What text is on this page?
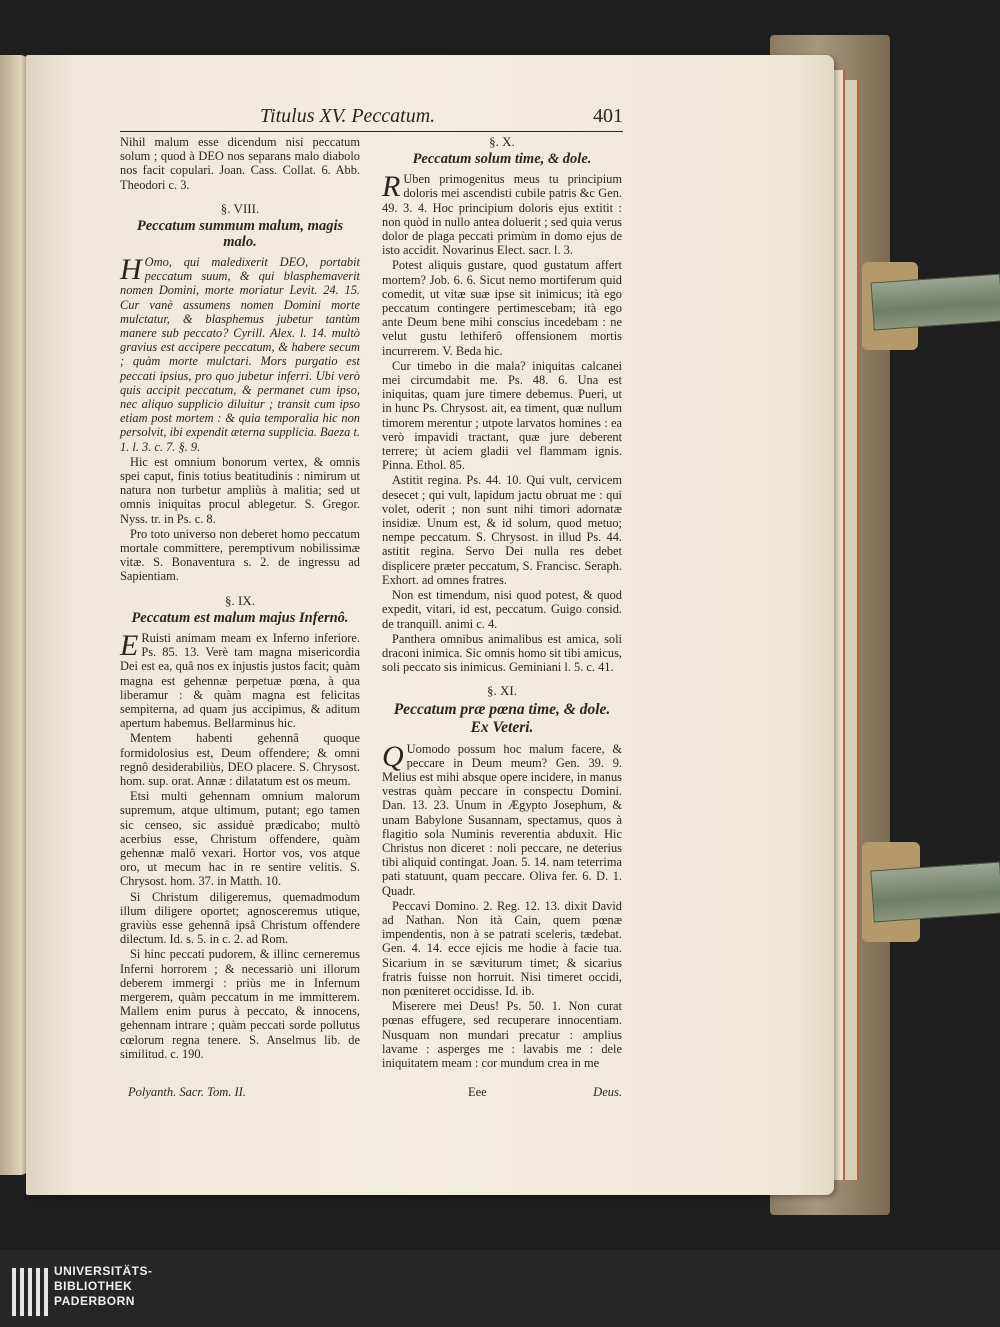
Titulus XV. Peccatum.	401

Nihil malum esse dicendum nisi peccatum solum ; quod à DEO nos separans malo diabolo nos facit copulari. Joan. Cass. Collat. 6. Abb. Theodori c. 3.

§. VIII.
Peccatum summum malum, magis malo.

H Omo, qui maledixerit DEO, portabit peccatum suum, & qui blasphemaverit nomen Domini, morte moriatur Levit. 24. 15. Cur vanè assumens nomen Domini morte mulctatur, & blasphemus jubetur tantùm manere sub peccato? Cyrill. Alex. l. 14. multò gravius est accipere peccatum, & habere secum ; quàm morte mulctari. Mors purgatio est peccati ipsius, pro quo jubetur inferri. Ubi verò quis accipit peccatum, & permanet cum ipso, nec aliquo supplicio diluitur ; transit cum ipso etiam post mortem : & quia temporalia hic non persolvit, ibi expendit æterna supplicia. Baeza t. 1. l. 3. c. 7. §. 9.

Hic est omnium bonorum vertex, & omnis spei caput, finis totius beatitudinis : nimirum ut natura non turbetur ampliùs à malitia; sed ut omnis iniquitas procul ablegetur. S. Gregor. Nyss. tr. in Ps. c. 8.

Pro toto universo non deberet homo peccatum mortale committere, peremptivum nobilissimæ vitæ. S. Bonaventura s. 2. de ingressu ad Sapientiam.

§. IX.
Peccatum est malum majus Infernô.

E Ruisti animam meam ex Inferno inferiore. Ps. 85. 13. Verè tam magna misericordia Dei est ea, quâ nos ex injustis justos facit; quàm magna est gehennæ perpetuæ pœna, à qua liberamur : & quàm magna est felicitas sempiterna, ad quam jus accipimus, & aditum apertum habemus. Bellarminus hic.

Mentem habenti gehennâ quoque formidolosius est, Deum offendere; & omni regnô desiderabiliùs, DEO placere. S. Chrysost. hom. sup. orat. Annæ : dilatatum est os meum.

Etsi multi gehennam omnium malorum supremum, atque ultimum, putant; ego tamen sic censeo, sic assiduè prædicabo; multò acerbius esse, Christum offendere, quàm gehennæ malô vexari. Hortor vos, vos atque oro, ut mecum hac in re sentire velitis. S. Chrysost. hom. 37. in Matth. 10.

Si Christum diligeremus, quemadmodum illum diligere oportet; agnosceremus utique, graviùs esse gehennâ ipsâ Christum offendere dilectum. Id. s. 5. in c. 2. ad Rom.

Si hinc peccati pudorem, & illinc cerneremus Inferni horrorem ; & necessariò uni illorum deberem immergi : priùs me in Infernum mergerem, quàm peccatum in me immitterem. Mallem enim purus à peccato, & innocens, gehennam intrare ; quàm peccati sorde pollutus cœlorum regna tenere. S. Anselmus lib. de similitud. c. 190.

§. X.
Peccatum solum time, & dole.

R Uben primogenitus meus tu principium doloris mei ascendisti cubile patris &c Gen. 49. 3. 4. Hoc principium doloris ejus extitit : non quòd in nullo antea doluerit ; sed quia verus dolor de plaga peccati primùm in domo ejus de isto accidit. Novarinus Elect. sacr. l. 3.

Potest aliquis gustare, quod gustatum affert mortem? Job. 6. 6. Sicut nemo mortiferum quid comedit, ut vitæ suæ ipse sit inimicus; ità ego peccatum contingere pertimescebam; ità ego ante Deum bene mihi conscius incedebam : ne velut gustu lethiferô offensionem mortis incurrerem. V. Beda hic.

Cur timebo in die mala? iniquitas calcanei mei circumdabit me. Ps. 48. 6. Una est iniquitas, quam jure timere debemus. Pueri, ut in hunc Ps. Chrysost. ait, ea timent, quæ nullum timorem merentur ; utpote larvatos homines : ea verò impavidi tractant, quæ jure deberent terrere; ùt aciem gladii vel flammam ignis. Pinna. Ethol. 85.

Astitit regina. Ps. 44. 10. Qui vult, cervicem desecet ; qui vult, lapidum jactu obruat me : qui volet, oderit ; non sunt nihi timori adornatæ insidiæ. Unum est, & id solum, quod metuo; nempe peccatum. S. Chrysost. in illud Ps. 44. astitit regina. Servo Dei nulla res debet displicere præter peccatum, S. Francisc. Seraph. Exhort. ad omnes fratres.

Non est timendum, nisi quod potest, & quod expedit, vitari, id est, peccatum. Guigo consid. de tranquill. animi c. 4.

Panthera omnibus animalibus est amica, soli draconi inimica. Sic omnis homo sit tibi amicus, soli peccato sis inimicus. Geminiani l. 5. c. 41.

§. XI.
Peccatum præ pœna time, & dole.
Ex Veteri.

Q Uomodo possum hoc malum facere, & peccare in Deum meum? Gen. 39. 9. Melius est mihi absque opere incidere, in manus vestras quàm peccare in conspectu Domini. Dan. 13. 23. Unum in Ægypto Josephum, & unam Babylone Susannam, spectamus, quos à flagitio sola Numinis reverentia abduxit. Hic Christus non diceret : noli peccare, ne deterius tibi aliquid contingat. Joan. 5. 14. nam teterrima pati statuunt, quam peccare. Oliva fer. 6. D. 1. Quadr.

Peccavi Domino. 2. Reg. 12. 13. dixit David ad Nathan. Non ità Cain, quem pœnæ impendentis, non à se patrati sceleris, tædebat. Gen. 4. 14. ecce ejicis me hodie à facie tua. Sicarium in se sæviturum timet; & sicarius fratris fuisse non horruit. Nisi timeret occidi, non pœniteret occidisse. Id. ib.

Miserere mei Deus! Ps. 50. 1. Non curat pœnas effugere, sed recuperare innocentiam. Nusquam non mundari precatur : amplius lavame : asperges me : lavabis me : dele iniquitatem meam : cor mundum crea in me

Polyanth. Sacr. Tom. II.	Eee	Deus.
UNIVERSITÄTS-
BIBLIOTHEK
PADERBORN
